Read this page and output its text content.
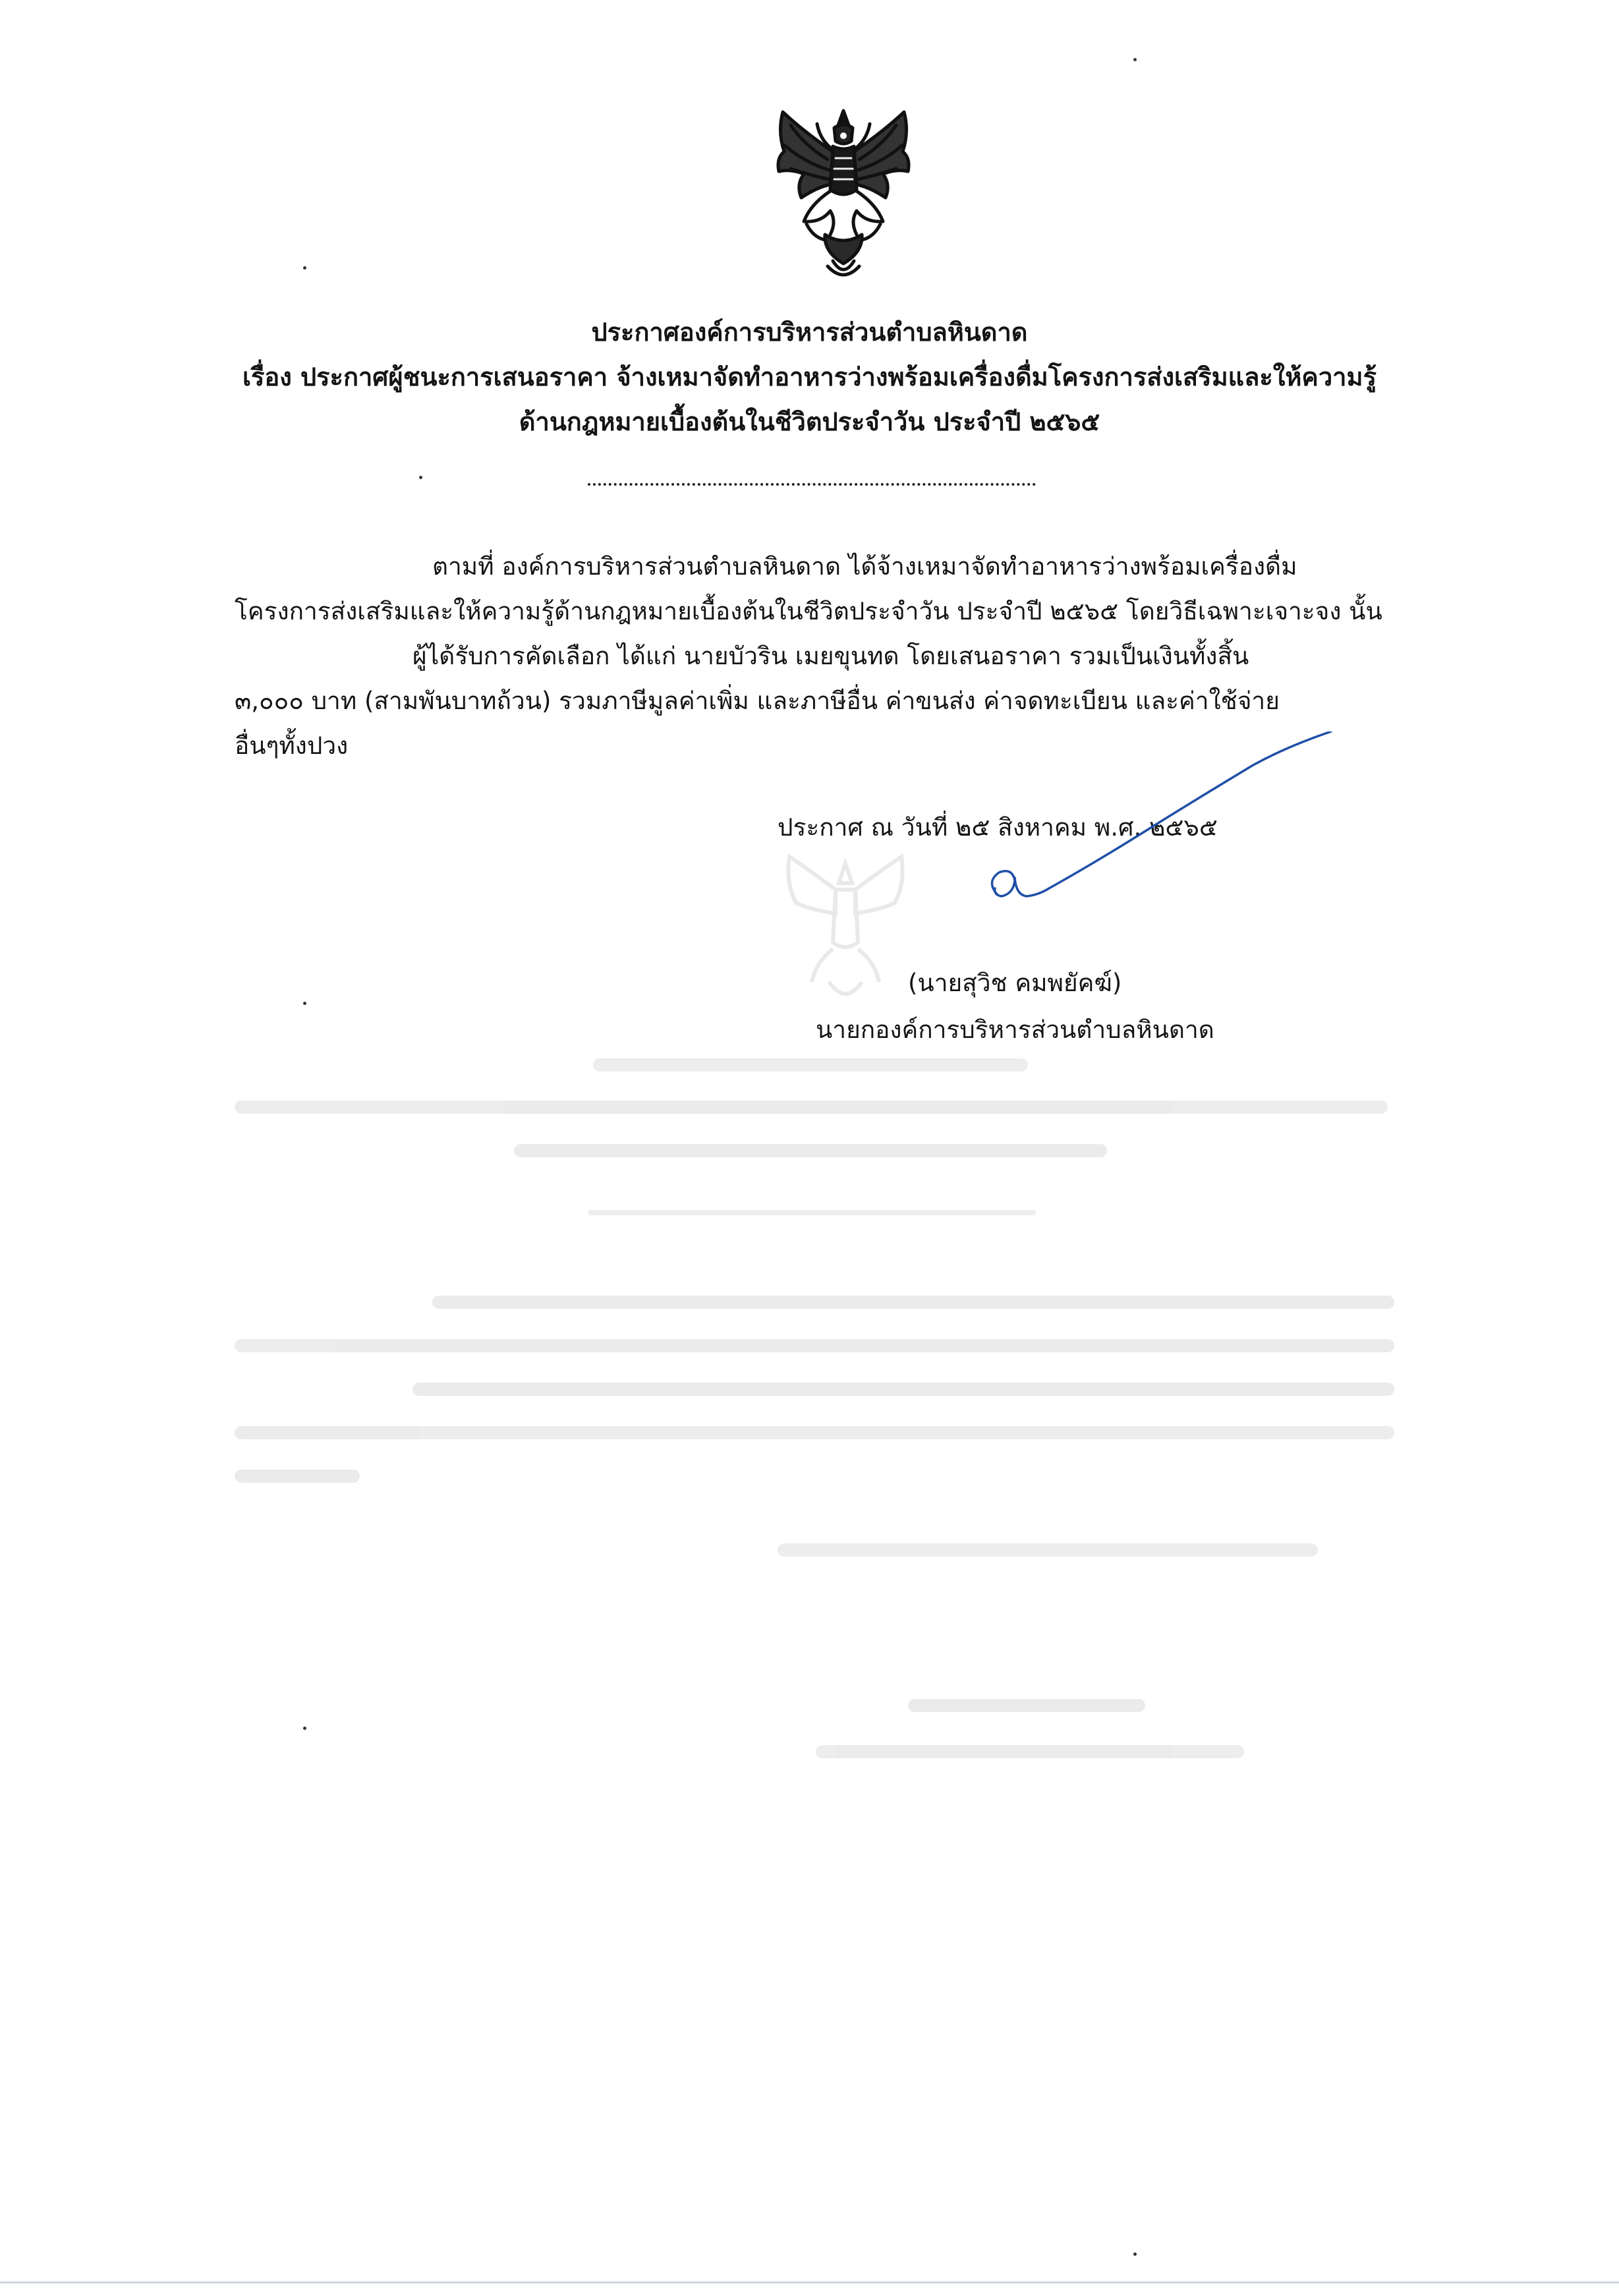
ประกาศองค์การบริหารส่วนตำบลหินดาด
เรื่อง ประกาศผู้ชนะการเสนอราคา จ้างเหมาจัดทำอาหารว่างพร้อมเครื่องดื่มโครงการส่งเสริมและให้ความรู้
ด้านกฎหมายเบื้องต้นในชีวิตประจำวัน ประจำปี ๒๕๖๕
ตามที่ องค์การบริหารส่วนตำบลหินดาด ได้จ้างเหมาจัดทำอาหารว่างพร้อมเครื่องดื่ม
โครงการส่งเสริมและให้ความรู้ด้านกฎหมายเบื้องต้นในชีวิตประจำวัน ประจำปี ๒๕๖๕ โดยวิธีเฉพาะเจาะจง นั้น
ผู้ได้รับการคัดเลือก ได้แก่ นายบัวริน เมยขุนทด โดยเสนอราคา รวมเป็นเงินทั้งสิ้น
๓,๐๐๐ บาท (สามพันบาทถ้วน) รวมภาษีมูลค่าเพิ่ม และภาษีอื่น ค่าขนส่ง ค่าจดทะเบียน และค่าใช้จ่าย
อื่นๆทั้งปวง
ประกาศ ณ วันที่ ๒๕ สิงหาคม พ.ศ. ๒๕๖๕
(นายสุวิช คมพยัคฆ์)
นายกองค์การบริหารส่วนตำบลหินดาด
